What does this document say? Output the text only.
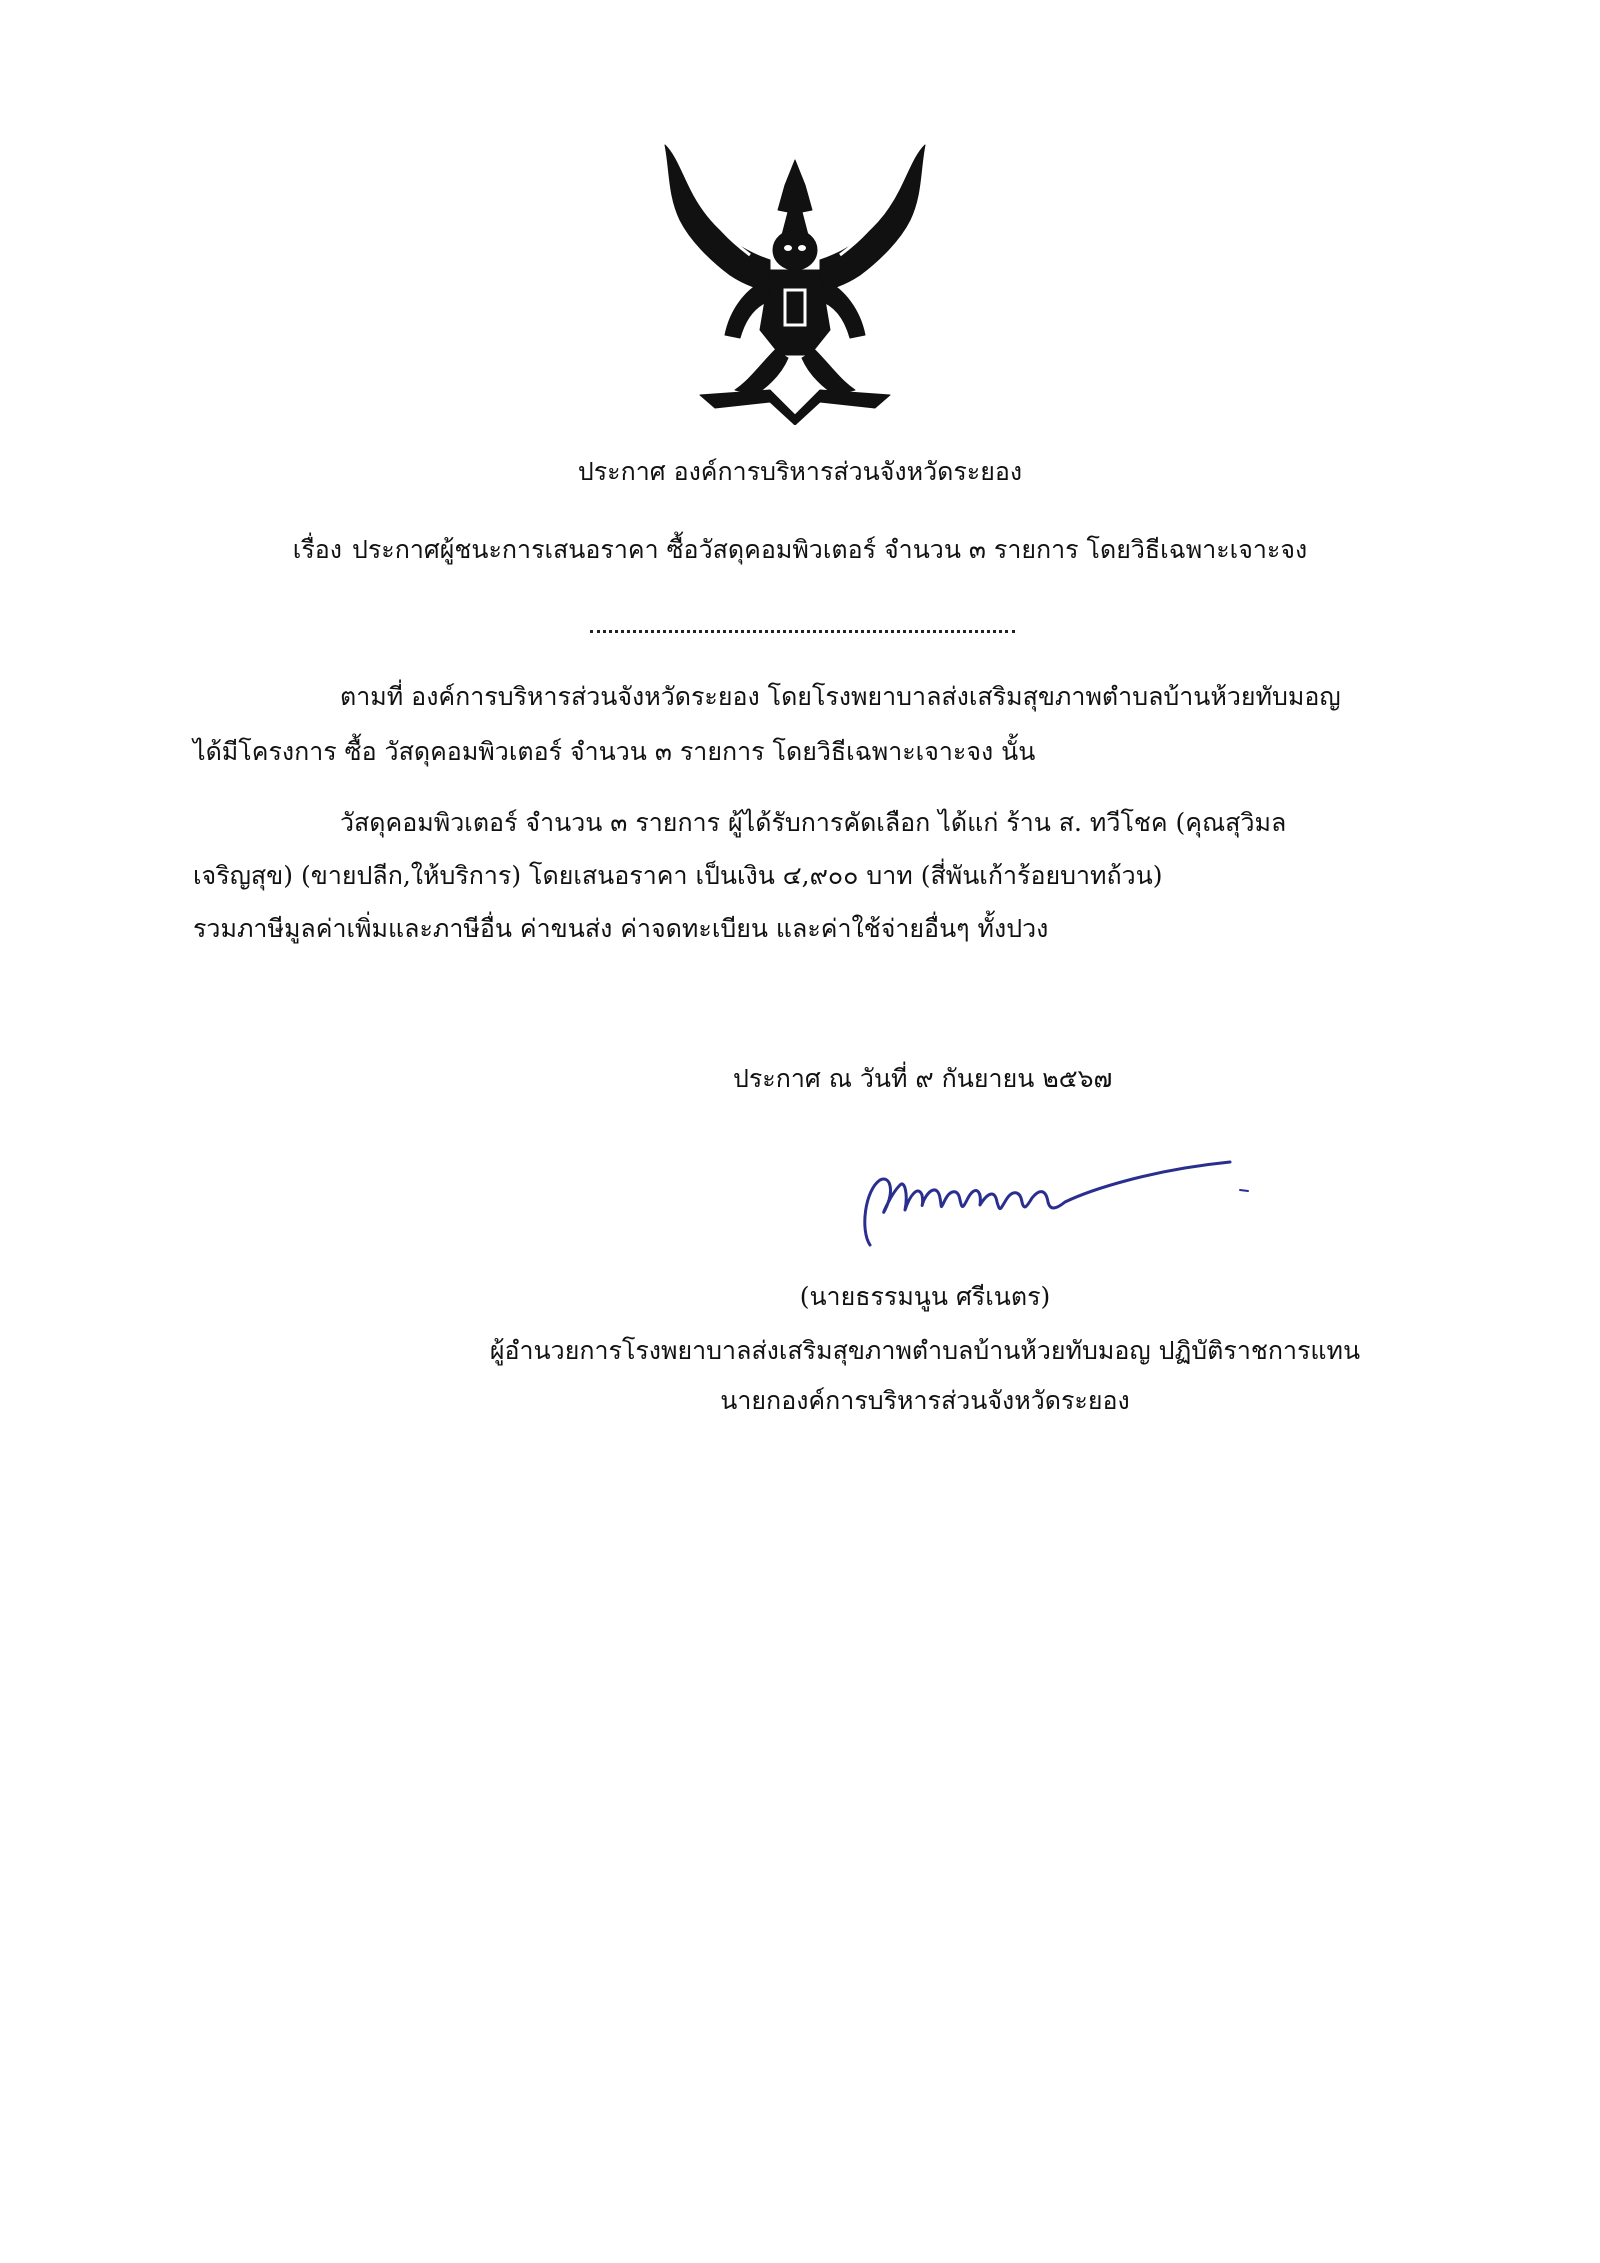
ประกาศ องค์การบริหารส่วนจังหวัดระยอง
เรื่อง ประกาศผู้ชนะการเสนอราคา ซื้อวัสดุคอมพิวเตอร์ จำนวน ๓ รายการ โดยวิธีเฉพาะเจาะจง
ตามที่ องค์การบริหารส่วนจังหวัดระยอง โดยโรงพยาบาลส่งเสริมสุขภาพตำบลบ้านห้วยทับมอญ
ได้มีโครงการ ซื้อ วัสดุคอมพิวเตอร์ จำนวน ๓ รายการ โดยวิธีเฉพาะเจาะจง นั้น
วัสดุคอมพิวเตอร์ จำนวน ๓ รายการ ผู้ได้รับการคัดเลือก ได้แก่ ร้าน ส. ทวีโชค (คุณสุวิมล
เจริญสุข) (ขายปลีก,ให้บริการ) โดยเสนอราคา เป็นเงิน ๔,๙๐๐ บาท (สี่พันเก้าร้อยบาทถ้วน)
รวมภาษีมูลค่าเพิ่มและภาษีอื่น ค่าขนส่ง ค่าจดทะเบียน และค่าใช้จ่ายอื่นๆ ทั้งปวง
ประกาศ ณ วันที่ ๙ กันยายน ๒๕๖๗
(นายธรรมนูน ศรีเนตร)
ผู้อำนวยการโรงพยาบาลส่งเสริมสุขภาพตำบลบ้านห้วยทับมอญ ปฏิบัติราชการแทน
นายกองค์การบริหารส่วนจังหวัดระยอง
